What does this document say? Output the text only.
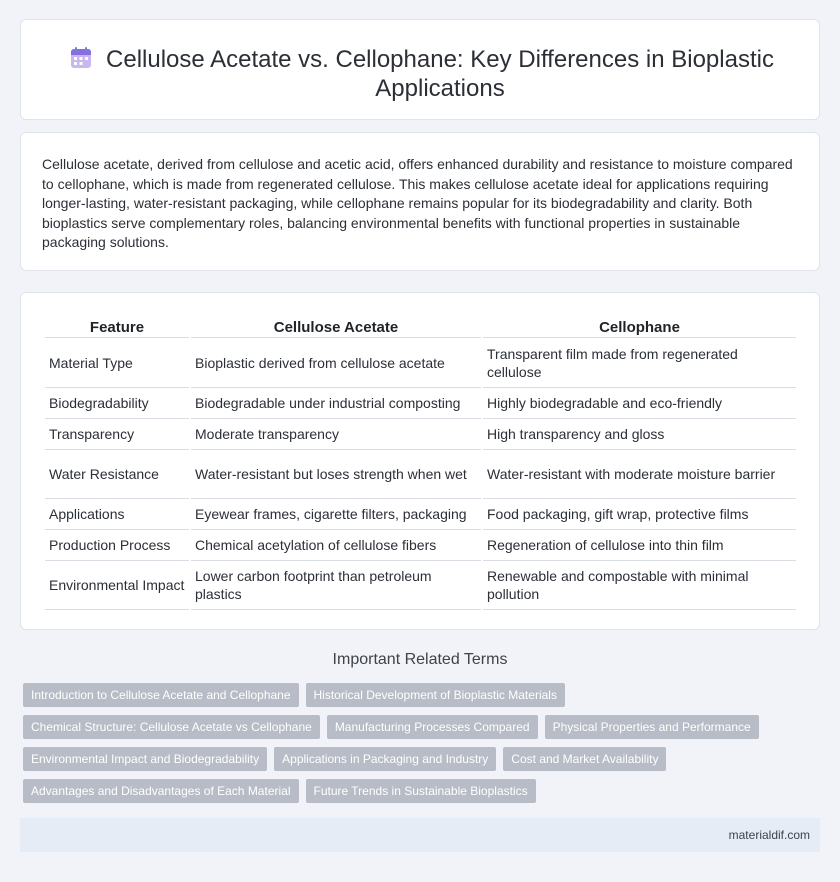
Cellulose Acetate vs. Cellophane: Key Differences in Bioplastic Applications

Cellulose acetate, derived from cellulose and acetic acid, offers enhanced durability and resistance to moisture compared to cellophane, which is made from regenerated cellulose. This makes cellulose acetate ideal for applications requiring longer-lasting, water-resistant packaging, while cellophane remains popular for its biodegradability and clarity. Both bioplastics serve complementary roles, balancing environmental benefits with functional properties in sustainable packaging solutions.

Feature	Cellulose Acetate	Cellophane
Material Type	Bioplastic derived from cellulose acetate	Transparent film made from regenerated cellulose
Biodegradability	Biodegradable under industrial composting	Highly biodegradable and eco-friendly
Transparency	Moderate transparency	High transparency and gloss
Water Resistance	Water-resistant but loses strength when wet	Water-resistant with moderate moisture barrier
Applications	Eyewear frames, cigarette filters, packaging	Food packaging, gift wrap, protective films
Production Process	Chemical acetylation of cellulose fibers	Regeneration of cellulose into thin film
Environmental Impact	Lower carbon footprint than petroleum plastics	Renewable and compostable with minimal pollution
Important Related Terms
Introduction to Cellulose Acetate and Cellophane	Historical Development of Bioplastic Materials
Chemical Structure: Cellulose Acetate vs Cellophane	Manufacturing Processes Compared	Physical Properties and Performance
Environmental Impact and Biodegradability	Applications in Packaging and Industry	Cost and Market Availability
Advantages and Disadvantages of Each Material	Future Trends in Sustainable Bioplastics
materialdif.com
